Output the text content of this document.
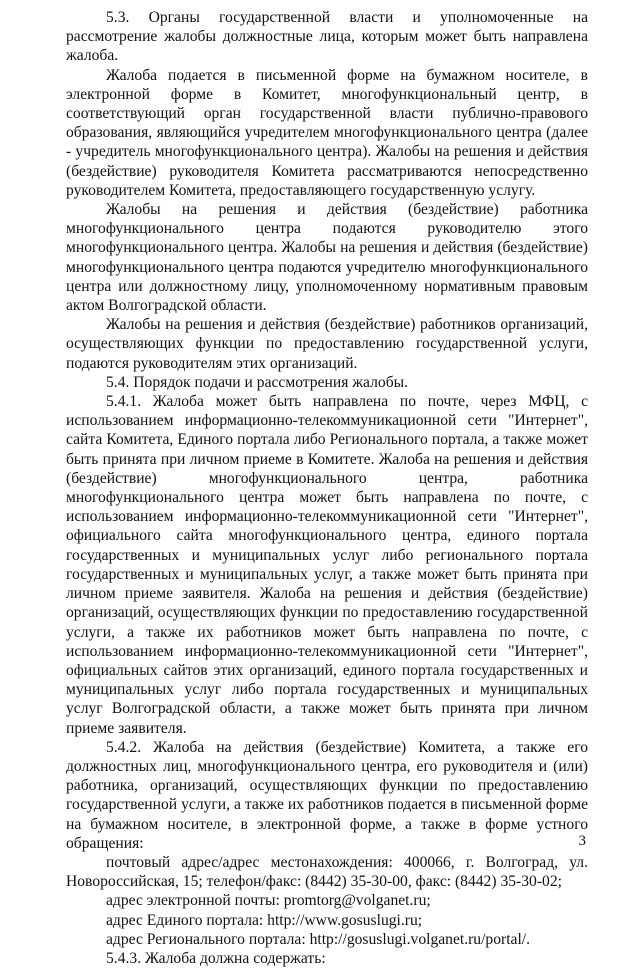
5.3. Органы государственной власти и уполномоченные на рассмотрение жалобы должностные лица, которым может быть направлена жалоба.

Жалоба подается в письменной форме на бумажном носителе, в электронной форме в Комитет, многофункциональный центр, в соответствующий орган государственной власти публично-правового образования, являющийся учредителем многофункционального центра (далее - учредитель многофункционального центра). Жалобы на решения и действия (бездействие) руководителя Комитета рассматриваются непосредственно руководителем Комитета, предоставляющего государственную услугу.

Жалобы на решения и действия (бездействие) работника многофункционального центра подаются руководителю этого многофункционального центра. Жалобы на решения и действия (бездействие) многофункционального центра подаются учредителю многофункционального центра или должностному лицу, уполномоченному нормативным правовым актом Волгоградской области.

Жалобы на решения и действия (бездействие) работников организаций, осуществляющих функции по предоставлению государственной услуги, подаются руководителям этих организаций.

5.4. Порядок подачи и рассмотрения жалобы.

5.4.1. Жалоба может быть направлена по почте, через МФЦ, с использованием информационно-телекоммуникационной сети "Интернет", сайта Комитета, Единого портала либо Регионального портала, а также может быть принята при личном приеме в Комитете. Жалоба на решения и действия (бездействие) многофункционального центра, работника многофункционального центра может быть направлена по почте, с использованием информационно-телекоммуникационной сети "Интернет", официального сайта многофункционального центра, единого портала государственных и муниципальных услуг либо регионального портала государственных и муниципальных услуг, а также может быть принята при личном приеме заявителя. Жалоба на решения и действия (бездействие) организаций, осуществляющих функции по предоставлению государственной услуги, а также их работников может быть направлена по почте, с использованием информационно-телекоммуникационной сети "Интернет", официальных сайтов этих организаций, единого портала государственных и муниципальных услуг либо портала государственных и муниципальных услуг Волгоградской области, а также может быть принята при личном приеме заявителя.

5.4.2. Жалоба на действия (бездействие) Комитета, а также его должностных лиц, многофункционального центра, его руководителя и (или) работника, организаций, осуществляющих функции по предоставлению государственной услуги, а также их работников подается в письменной форме на бумажном носителе, в электронной форме, а также в форме устного обращения:

почтовый адрес/адрес местонахождения: 400066, г. Волгоград, ул. Новороссийская, 15; телефон/факс: (8442) 35-30-00, факс: (8442) 35-30-02;

адрес электронной почты: promtorg@volganet.ru;

адрес Единого портала: http://www.gosuslugi.ru;

адрес Регионального портала: http://gosuslugi.volganet.ru/portal/.

5.4.3. Жалоба должна содержать:

3
